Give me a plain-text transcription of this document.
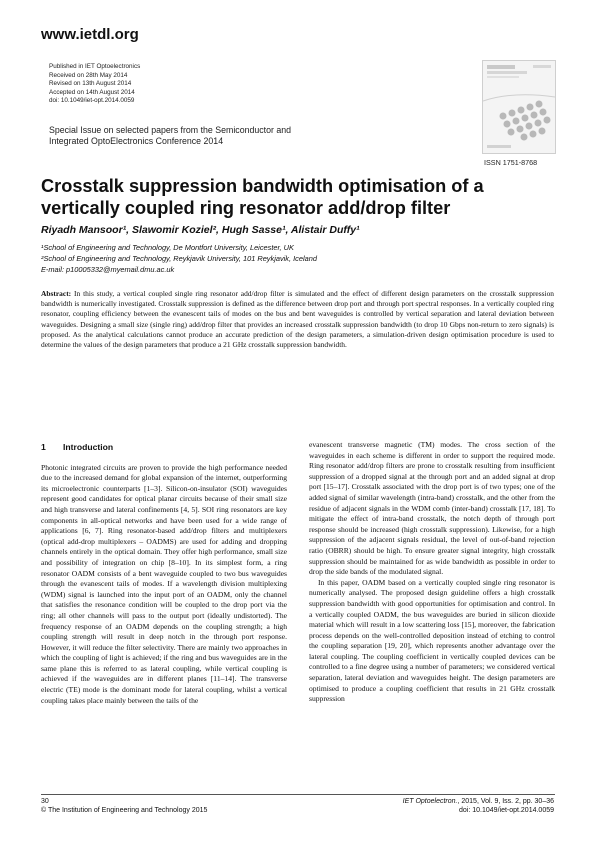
www.ietdl.org
Published in IET Optoelectronics
Received on 28th May 2014
Revised on 13th August 2014
Accepted on 14th August 2014
doi: 10.1049/iet-opt.2014.0059
Special Issue on selected papers from the Semiconductor and Integrated OptoElectronics Conference 2014
ISSN 1751-8768
Crosstalk suppression bandwidth optimisation of a vertically coupled ring resonator add/drop filter
Riyadh Mansoor¹, Slawomir Koziel², Hugh Sasse¹, Alistair Duffy¹
¹School of Engineering and Technology, De Montfort University, Leicester, UK
²School of Engineering and Technology, Reykjavik University, 101 Reykjavik, Iceland
E-mail: p10005332@myemail.dmu.ac.uk
Abstract: In this study, a vertical coupled single ring resonator add/drop filter is simulated and the effect of different design parameters on the crosstalk suppression bandwidth is numerically investigated. Crosstalk suppression is defined as the difference between drop port and through port spectral responses. In a vertically coupled ring resonator, coupling efficiency between the evanescent tails of modes on the bus and bent waveguides is controlled by vertical separation and lateral deviation between waveguides. Designing a small size (single ring) add/drop filter that provides an increased crosstalk suppression bandwidth (to drop 10 Gbps non-return to zero signals) is proposed. As the analytical calculations cannot produce an accurate prediction of the design parameters, a simulation-driven design optimisation procedure is used to determine the values of the design parameters that produce a 21 GHz crosstalk suppression bandwidth.
1 Introduction

Photonic integrated circuits are proven to provide the high performance needed due to the increased demand for global expansion of the internet, outperforming its microelectronic counterparts [1–3]. Silicon-on-insulator (SOI) waveguides represent good candidates for optical planar circuits because of their small size and high transverse and lateral confinements [4, 5]. SOI ring resonators are key components in all-optical networks and have been used for a wide range of applications [6, 7]. Ring resonator-based add/drop filters and multiplexers (optical add-drop multiplexers – OADMS) are used for adding and dropping channels entirely in the optical domain. They offer high performance, small size and possibility of integration on chip [8–10]. In its simplest form, a ring resonator OADM consists of a bent waveguide coupled to two bus waveguides through the evanescent tails of modes. If a wavelength division multiplexing (WDM) signal is launched into the input port of an OADM, only the channel that satisfies the resonance condition will be coupled to the drop port via the ring; all other channels will pass to the output port (ideally undistorted). The frequency response of an OADM depends on the coupling strength; a high coupling strength will result in deep notch in the through port response. However, it will reduce the filter selectivity. There are mainly two approaches in which the coupling of light is achieved; if the ring and bus waveguides are in the same plane this is referred to as lateral coupling, while vertical coupling is achieved if the waveguides are in different planes [11–14]. The transverse electric (TE) mode is the dominant mode for lateral coupling, whilst a vertical coupling takes place mainly between the tails of the

evanescent transverse magnetic (TM) modes. The cross section of the waveguides in each scheme is different in order to support the required mode. Ring resonator add/drop filters are prone to crosstalk resulting from insufficient suppression of a dropped signal at the through port and an added signal at drop port [15–17]. Crosstalk associated with the drop port is of two types; one of the added signal of similar wavelength (intra-band) crosstalk, and the other from the residue of adjacent signals in the WDM comb (inter-band) crosstalk [17, 18]. To mitigate the effect of intra-band crosstalk, the notch depth of through port response should be increased (high crosstalk suppression). Likewise, for a high suppression of the adjacent signals residual, the level of out-of-band rejection ratio (OBRR) should be high. To ensure greater signal integrity, high crosstalk suppression should be maintained for as wide bandwidth as possible in order to drop the side bands of the modulated signal.

In this paper, OADM based on a vertically coupled single ring resonator is numerically analysed. The proposed design guideline offers a high crosstalk suppression bandwidth with good opportunities for optimisation and control. In a vertically coupled OADM, the bus waveguides are buried in silicon dioxide material which will result in a low scattering loss [15], moreover, the fabrication process depends on the well-controlled deposition instead of etching to control the coupling separation [19, 20], which represents another advantage over the lateral coupling. The coupling coefficient in vertically coupled devices can be controlled to a fine degree using a number of parameters; we considered vertical separation, lateral deviation and waveguides height. The design parameters are optimised to produce a coupling coefficient that results in 21 GHz crosstalk suppression

30
© The Institution of Engineering and Technology 2015
IET Optoelectron., 2015, Vol. 9, Iss. 2, pp. 30–36
doi: 10.1049/iet-opt.2014.0059
